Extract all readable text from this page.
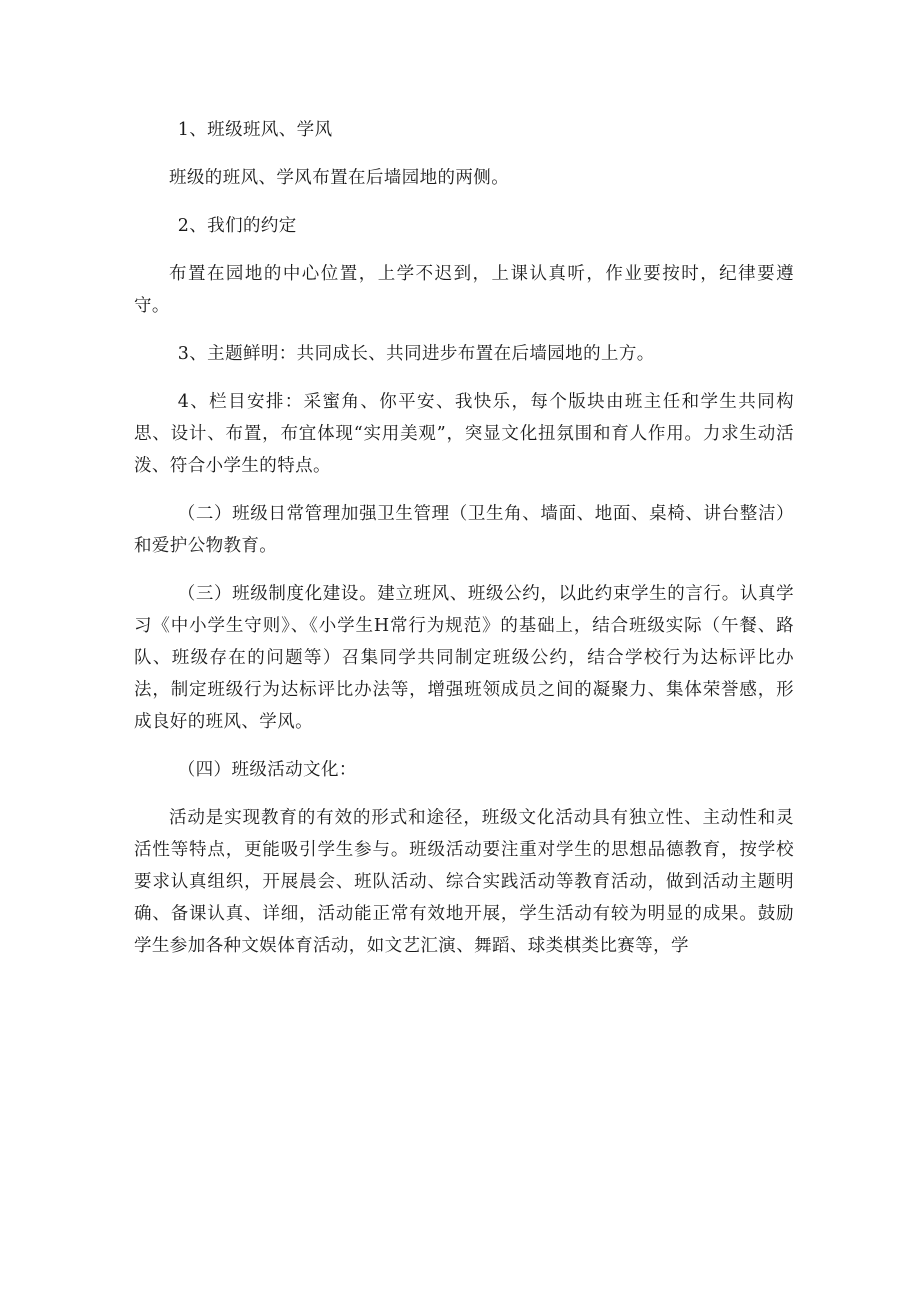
1、班级班风、学风

班级的班风、学风布置在后墙园地的两侧。

2、我们的约定

布置在园地的中心位置，上学不迟到，上课认真听，作业要按时，纪律要遵守。

3、主题鲜明：共同成长、共同进步布置在后墙园地的上方。

4、栏目安排：采蜜角、你平安、我快乐，每个版块由班主任和学生共同构思、设计、布置，布宜体现“实用美观”，突显文化扭氛围和育人作用。力求生动活泼、符合小学生的特点。

（二）班级日常管理加强卫生管理（卫生角、墙面、地面、桌椅、讲台整洁）和爱护公物教育。

（三）班级制度化建设。建立班风、班级公约，以此约束学生的言行。认真学习《中小学生守则》、《小学生H常行为规范》的基础上，结合班级实际（午餐、路队、班级存在的问题等）召集同学共同制定班级公约，结合学校行为达标评比办法，制定班级行为达标评比办法等，增强班领成员之间的凝聚力、集体荣誉感，形成良好的班风、学风。

（四）班级活动文化：

活动是实现教育的有效的形式和途径，班级文化活动具有独立性、主动性和灵活性等特点，更能吸引学生参与。班级活动要注重对学生的思想品德教育，按学校要求认真组织，开展晨会、班队活动、综合实践活动等教育活动，做到活动主题明确、备课认真、详细，活动能正常有效地开展，学生活动有较为明显的成果。鼓励学生参加各种文娱体育活动，如文艺汇演、舞蹈、球类棋类比赛等，学
